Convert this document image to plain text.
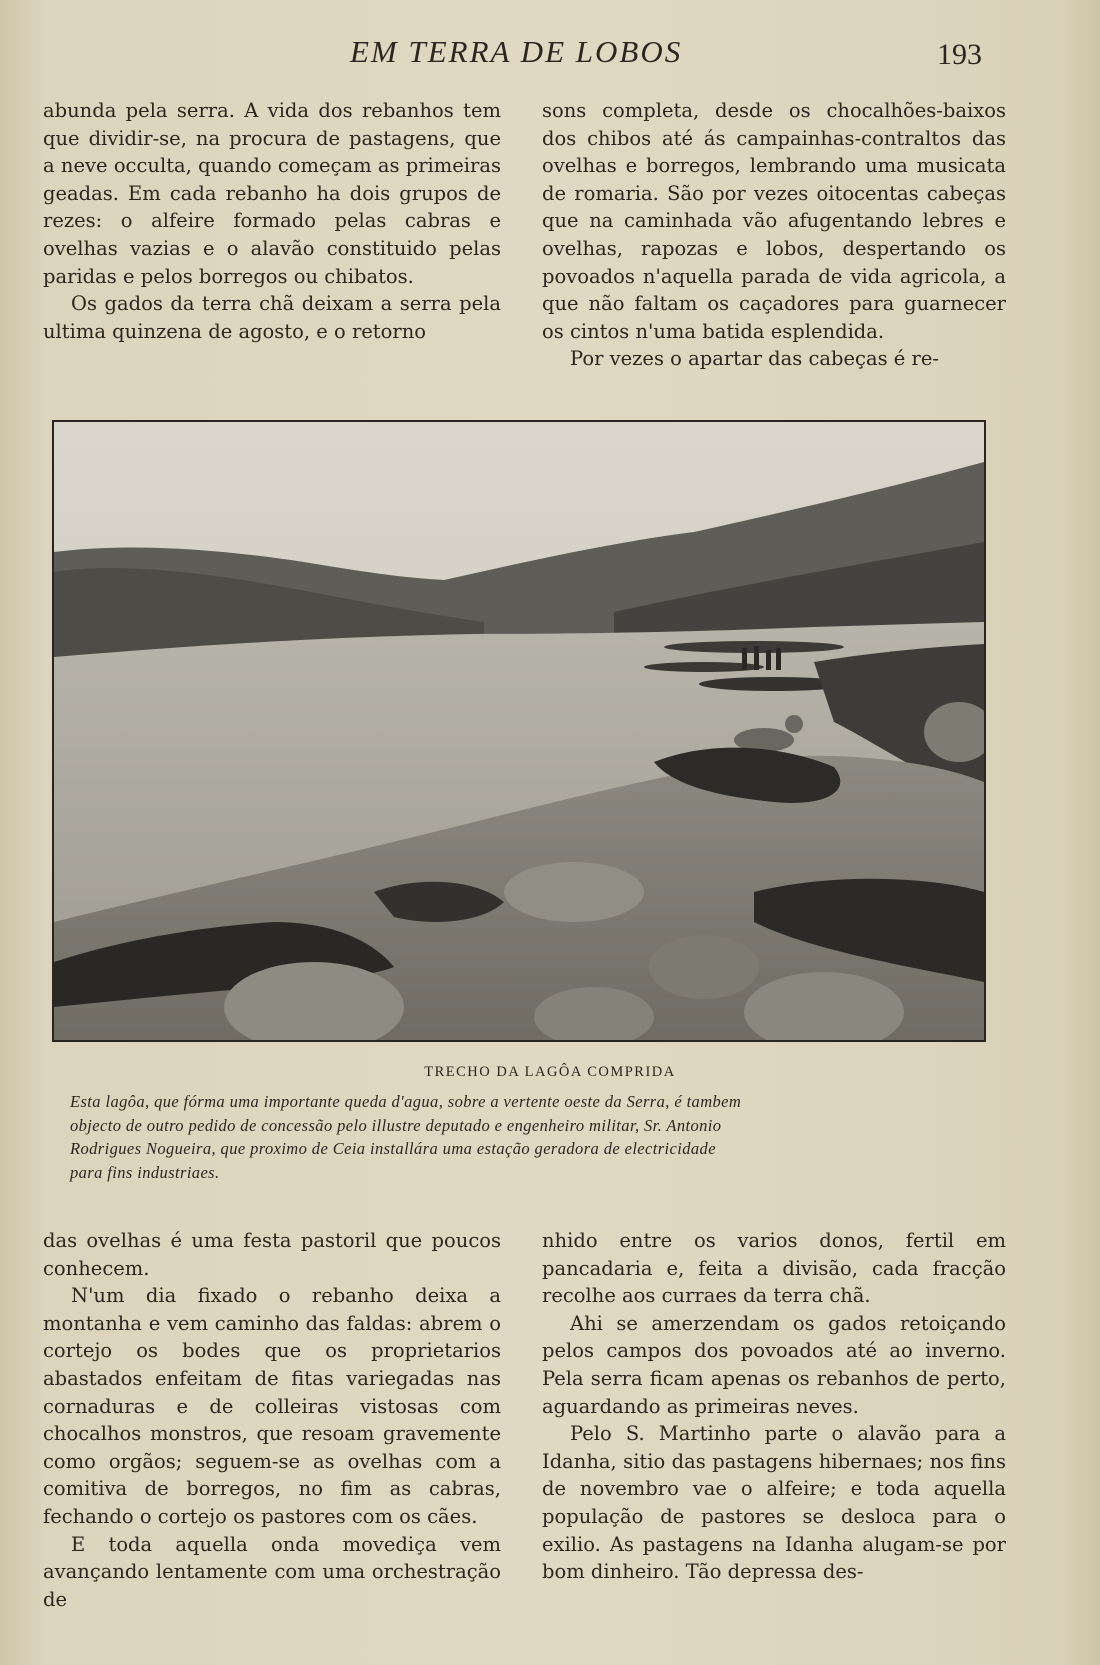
EM TERRA DE LOBOS	193

abunda pela serra. A vida dos rebanhos tem que dividir-se, na procura de pastagens, que a neve occulta, quando começam as primeiras geadas. Em cada rebanho ha dois grupos de rezes: o alfeire formado pelas cabras e ovelhas vazias e o alavão constituido pelas paridas e pelos borregos ou chibatos.

Os gados da terra chã deixam a serra pela ultima quinzena de agosto, e o retorno

sons completa, desde os chocalhões-baixos dos chibos até ás campainhas-contraltos das ovelhas e borregos, lembrando uma musicata de romaria. São por vezes oitocentas cabeças que na caminhada vão afugentando lebres e ovelhas, rapozas e lobos, despertando os povoados n'aquella parada de vida agricola, a que não faltam os caçadores para guarnecer os cintos n'uma batida esplendida.

Por vezes o apartar das cabeças é re-

TRECHO DA LAGÔA COMPRIDA
Esta lagôa, que fórma uma importante queda d'agua, sobre a vertente oeste da Serra, é tambem
objecto de outro pedido de concessão pelo illustre deputado e engenheiro militar, Sr. Antonio
Rodrigues Nogueira, que proximo de Ceia installára uma estação geradora de electricidade
para fins industriaes.

das ovelhas é uma festa pastoril que poucos conhecem.

N'um dia fixado o rebanho deixa a montanha e vem caminho das faldas: abrem o cortejo os bodes que os proprietarios abastados enfeitam de fitas variegadas nas cornaduras e de colleiras vistosas com chocalhos monstros, que resoam gravemente como orgãos; seguem-se as ovelhas com a comitiva de borregos, no fim as cabras, fechando o cortejo os pastores com os cães.

E toda aquella onda movediça vem avançando lentamente com uma orchestração de

nhido entre os varios donos, fertil em pancadaria e, feita a divisão, cada fracção recolhe aos curraes da terra chã.

Ahi se amerzendam os gados retoiçando pelos campos dos povoados até ao inverno. Pela serra ficam apenas os rebanhos de perto, aguardando as primeiras neves.

Pelo S. Martinho parte o alavão para a Idanha, sitio das pastagens hibernaes; nos fins de novembro vae o alfeire; e toda aquella população de pastores se desloca para o exilio. As pastagens na Idanha alugam-se por bom dinheiro. Tão depressa des-
